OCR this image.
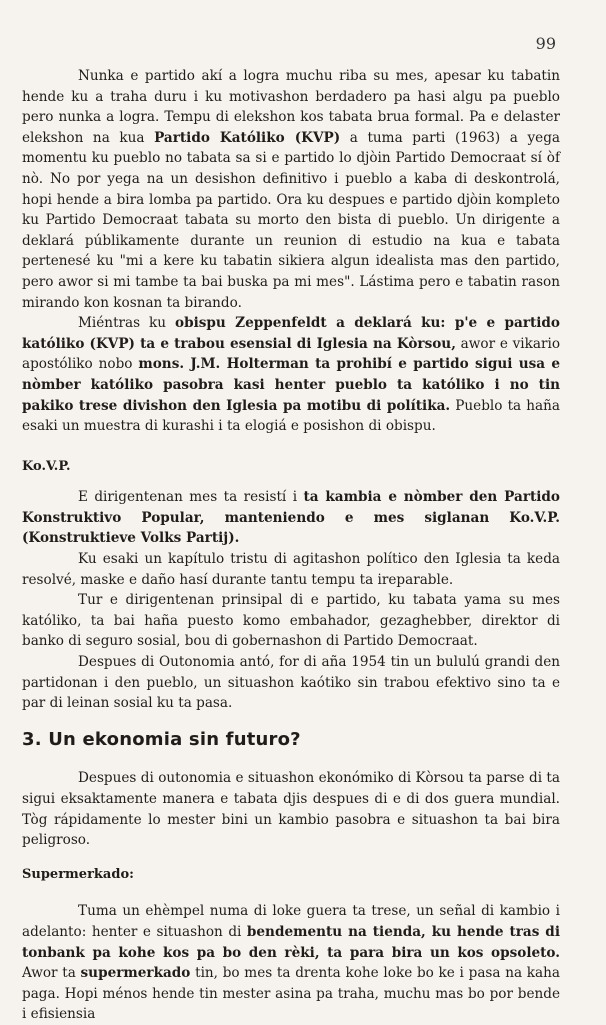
99

Nunka e partido akí a logra muchu riba su mes, apesar ku tabatin hende ku a traha duru i ku motivashon berdadero pa hasi algu pa pueblo pero nunka a logra. Tempu di elekshon kos tabata brua formal. Pa e delaster elekshon na kua Partido Katóliko (KVP) a tuma parti (1963) a yega momentu ku pueblo no tabata sa si e partido lo djòin Partido Democraat sí òf nò. No por yega na un desishon definitivo i pueblo a kaba di deskontrolá, hopi hende a bira lomba pa partido. Ora ku despues e partido djòin kompleto ku Partido Democraat tabata su morto den bista di pueblo. Un dirigente a deklará públikamente durante un reunion di estudio na kua e tabata pertenesé ku "mi a kere ku tabatin sikiera algun idealista mas den partido, pero awor si mi tambe ta bai buska pa mi mes". Lástima pero e tabatin rason mirando kon kosnan ta birando.

Miéntras ku obispu Zeppenfeldt a deklará ku: p'e e partido katóliko (KVP) ta e trabou esensial di Iglesia na Kòrsou, awor e vikario apostóliko nobo mons. J.M. Holterman ta prohibí e partido sigui usa e nòmber katóliko pasobra kasi henter pueblo ta katóliko i no tin pakiko trese divishon den Iglesia pa motibu di polítika. Pueblo ta haña esaki un muestra di kurashi i ta elogiá e posishon di obispu.

Ko.V.P.

E dirigentenan mes ta resistí i ta kambia e nòmber den Partido Konstruktivo Popular, manteniendo e mes siglanan Ko.V.P. (Konstruktieve Volks Partij).

Ku esaki un kapítulo tristu di agitashon político den Iglesia ta keda resolvé, maske e daño hasí durante tantu tempu ta ireparable.

Tur e dirigentenan prinsipal di e partido, ku tabata yama su mes katóliko, ta bai haña puesto komo embahador, gezaghebber, direktor di banko di seguro sosial, bou di gobernashon di Partido Democraat.

Despues di Outonomia antó, for di aña 1954 tin un bululú grandi den partidonan i den pueblo, un situashon kaótiko sin trabou efektivo sino ta e par di leinan sosial ku ta pasa.

3. Un ekonomia sin futuro?

Despues di outonomia e situashon ekonómiko di Kòrsou ta parse di ta sigui eksaktamente manera e tabata djis despues di e di dos guera mundial. Tòg rápidamente lo mester bini un kambio pasobra e situashon ta bai bira peligroso.

Supermerkado:

Tuma un ehèmpel numa di loke guera ta trese, un señal di kambio i adelanto: henter e situashon di bendementu na tienda, ku hende tras di tonbank pa kohe kos pa bo den rèki, ta para bira un kos opsoleto. Awor ta supermerkado tin, bo mes ta drenta kohe loke bo ke i pasa na kaha paga. Hopi ménos hende tin mester asina pa traha, muchu mas bo por bende i efisiensia
